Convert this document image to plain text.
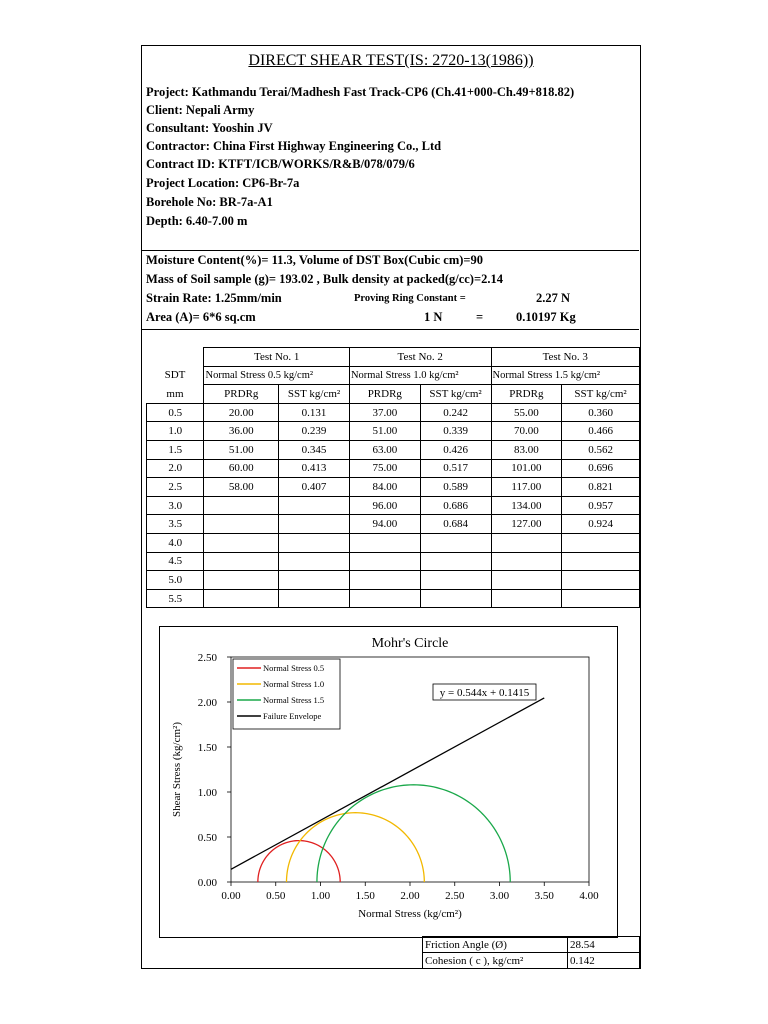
DIRECT SHEAR TEST(IS: 2720-13(1986))
Project: Kathmandu Terai/Madhesh Fast Track-CP6 (Ch.41+000-Ch.49+818.82)
Client: Nepali Army
Consultant: Yooshin JV
Contractor: China First Highway Engineering Co., Ltd
Contract ID: KTFT/ICB/WORKS/R&B/078/079/6
Project Location: CP6-Br-7a
Borehole No: BR-7a-A1
Depth: 6.40-7.00 m
Moisture Content(%)= 11.3, Volume of DST Box(Cubic cm)=90
Mass of Soil sample (g)= 193.02 , Bulk density at packed(g/cc)=2.14
Strain Rate: 1.25mm/min	Proving Ring Constant =	2.27 N
Area (A)= 6*6 sq.cm	1 N	=	0.10197 Kg
	Test No. 1		Test No. 2		Test No. 3	
SDT	Normal Stress 0.5 kg/cm²		Normal Stress 1.0 kg/cm²		Normal Stress 1.5 kg/cm²	
mm	PRDRg	SST kg/cm²	PRDRg	SST kg/cm²	PRDRg	SST kg/cm²
0.5	20.00	0.131	37.00	0.242	55.00	0.360
1.0	36.00	0.239	51.00	0.339	70.00	0.466
1.5	51.00	0.345	63.00	0.426	83.00	0.562
2.0	60.00	0.413	75.00	0.517	101.00	0.696
2.5	58.00	0.407	84.00	0.589	117.00	0.821
3.0			96.00	0.686	134.00	0.957
3.5			94.00	0.684	127.00	0.924
4.0						
4.5						
5.0						
5.5						
Mohr's Circle
0.00 0.50 1.00 1.50 2.00 2.50 3.00 3.50 4.00
0.00
0.50
1.00
1.50
2.00
2.50
Normal Stress (kg/cm²)
Shear Stress (kg/cm²)
y = 0.544x + 0.1415
Normal Stress 0.5
Normal Stress 1.0
Normal Stress 1.5
Failure Envelope
Friction Angle (Ø)	28.54
Cohesion ( c ), kg/cm²	0.142
